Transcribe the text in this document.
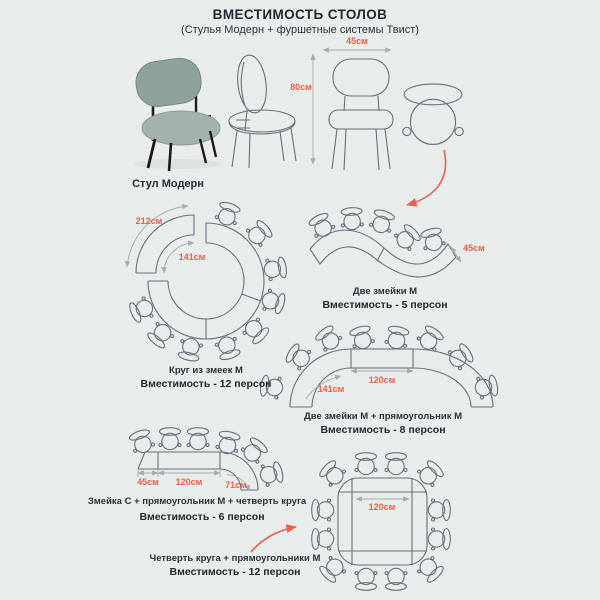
ВМЕСТИМОСТЬ СТОЛОВ
(Стулья Модерн + фуршетные системы Твист)
Стул Модерн
80см
45см
212см
141см
Круг из змеек М
Вместимость - 12 персон
45см
Две змейки М
Вместимость - 5 персон
120см
141см
Две змейки М + прямоугольник М
Вместимость - 8 персон
45см 120см	71см
Змейка С + прямоугольник М + четверть круга
Вместимость - 6 персон
120см
Четверть круга + прямоугольники М
Вместимость - 12 персон
